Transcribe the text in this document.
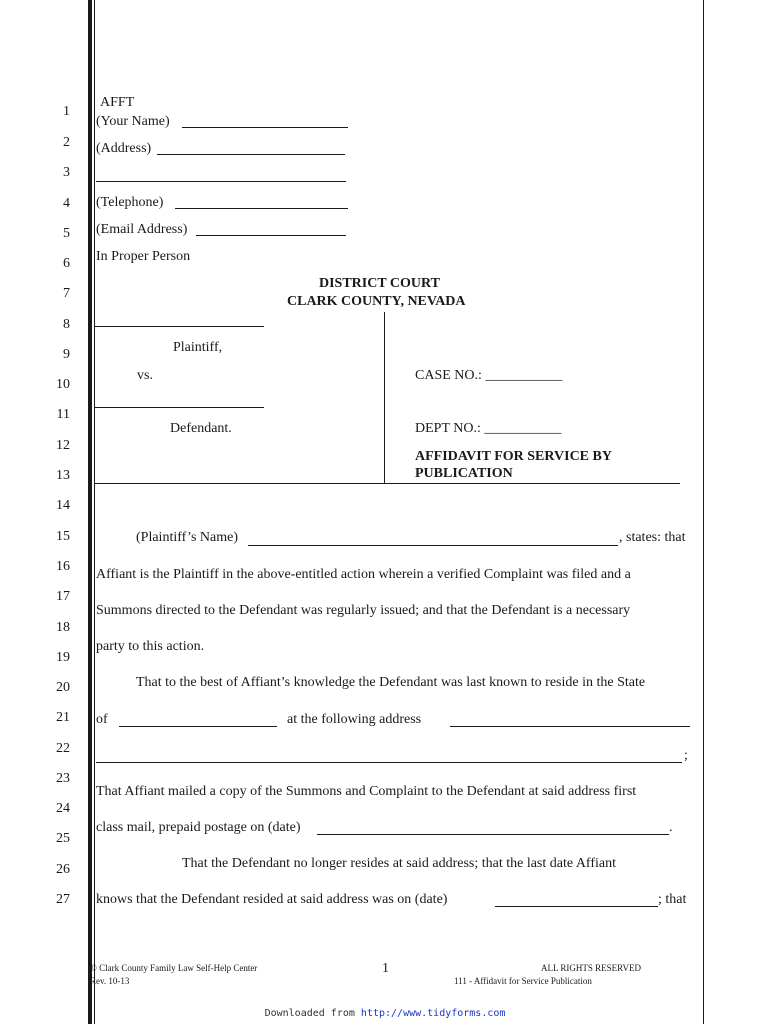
1
2
3
4
5
6
7
8
9
10
11
12
13
14
15
16
17
18
19
20
21
22
23
24
25
26
27
AFFT
(Your Name)
(Address)
(Telephone)
(Email Address)
In Proper Person
DISTRICT COURT
CLARK COUNTY, NEVADA
Plaintiff,
vs.
Defendant.
CASE NO.: ___________
DEPT NO.: ___________
AFFIDAVIT FOR SERVICE BY
PUBLICATION
(Plaintiff’s Name)	, states: that
Affiant is the Plaintiff in the above-entitled action wherein a verified Complaint was filed and a
Summons directed to the Defendant was regularly issued; and that the Defendant is a necessary
party to this action.
That to the best of Affiant’s knowledge the Defendant was last known to reside in the State
of	at the following address
;
That Affiant mailed a copy of the Summons and Complaint to the Defendant at said address first
class mail, prepaid postage on (date)	.
That the Defendant no longer resides at said address; that the last date Affiant
knows that the Defendant resided at said address was on (date)	; that
© Clark County Family Law Self-Help Center
Rev. 10-13
1	ALL RIGHTS RESERVED
111 - Affidavit for Service Publication
Downloaded from http://www.tidyforms.com
